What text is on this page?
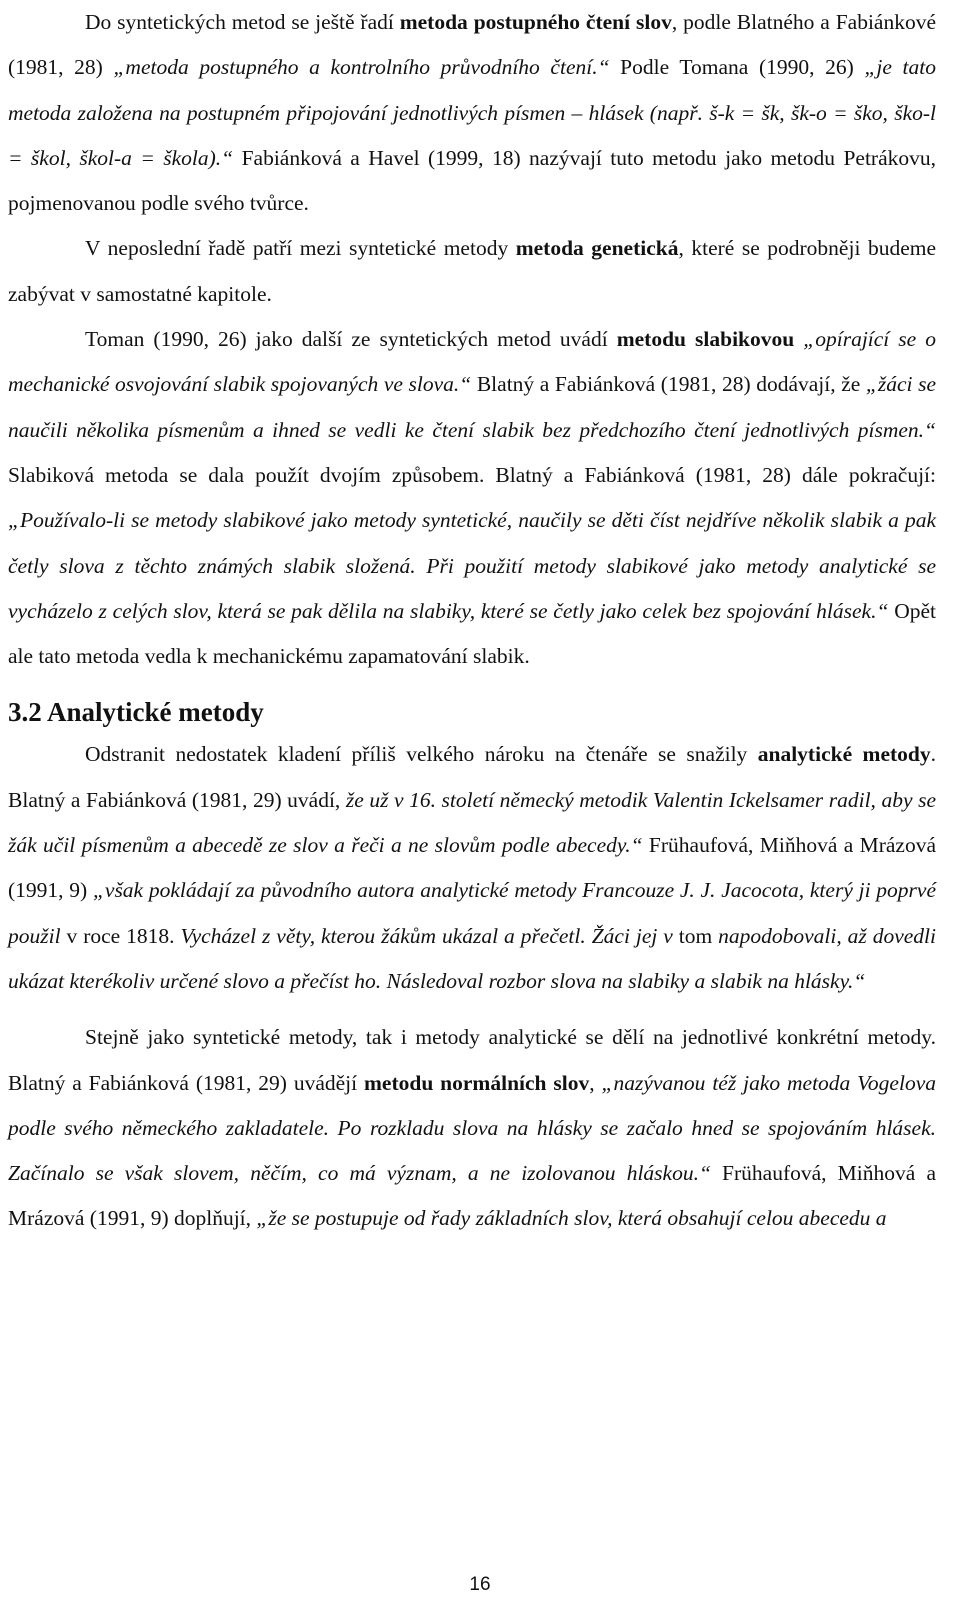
Do syntetických metod se ještě řadí metoda postupného čtení slov, podle Blatného a Fabiánkové (1981, 28) „metoda postupného a kontrolního průvodního čtení.“ Podle Tomana (1990, 26) „je tato metoda založena na postupném připojování jednotlivých písmen – hlásek (např. š-k = šk, šk-o = ško, ško-l = škol, škol-a = škola).“ Fabiánková a Havel (1999, 18) nazývají tuto metodu jako metodu Petrákovu, pojmenovanou podle svého tvůrce.

V neposlední řadě patří mezi syntetické metody metoda genetická, které se podrobněji budeme zabývat v samostatné kapitole.

Toman (1990, 26) jako další ze syntetických metod uvádí metodu slabikovou „opírající se o mechanické osvojování slabik spojovaných ve slova.“ Blatný a Fabiánková (1981, 28) dodávají, že „žáci se naučili několika písmenům a ihned se vedli ke čtení slabik bez předchozího čtení jednotlivých písmen.“ Slabiková metoda se dala použít dvojím způsobem. Blatný a Fabiánková (1981, 28) dále pokračují: „Používalo-li se metody slabikové jako metody syntetické, naučily se děti číst nejdříve několik slabik a pak četly slova z těchto známých slabik složená. Při použití metody slabikové jako metody analytické se vycházelo z celých slov, která se pak dělila na slabiky, které se četly jako celek bez spojování hlásek.“ Opět ale tato metoda vedla k mechanickému zapamatování slabik.

3.2 Analytické metody

Odstranit nedostatek kladení příliš velkého nároku na čtenáře se snažily analytické metody. Blatný a Fabiánková (1981, 29) uvádí, že už v 16. století německý metodik Valentin Ickelsamer radil, aby se žák učil písmenům a abecedě ze slov a řeči a ne slovům podle abecedy.“ Frühaufová, Miňhová a Mrázová (1991, 9) „však pokládají za původního autora analytické metody Francouze J. J. Jacocota, který ji poprvé použil v roce 1818. Vycházel z věty, kterou žákům ukázal a přečetl. Žáci jej v tom napodobovali, až dovedli ukázat kterékoliv určené slovo a přečíst ho. Následoval rozbor slova na slabiky a slabik na hlásky.“

Stejně jako syntetické metody, tak i metody analytické se dělí na jednotlivé konkrétní metody. Blatný a Fabiánková (1981, 29) uvádějí metodu normálních slov, „nazývanou též jako metoda Vogelova podle svého německého zakladatele. Po rozkladu slova na hlásky se začalo hned se spojováním hlásek. Začínalo se však slovem, něčím, co má význam, a ne izolovanou hláskou.“ Frühaufová, Miňhová a Mrázová (1991, 9) doplňují, „že se postupuje od řady základních slov, která obsahují celou abecedu a

16
